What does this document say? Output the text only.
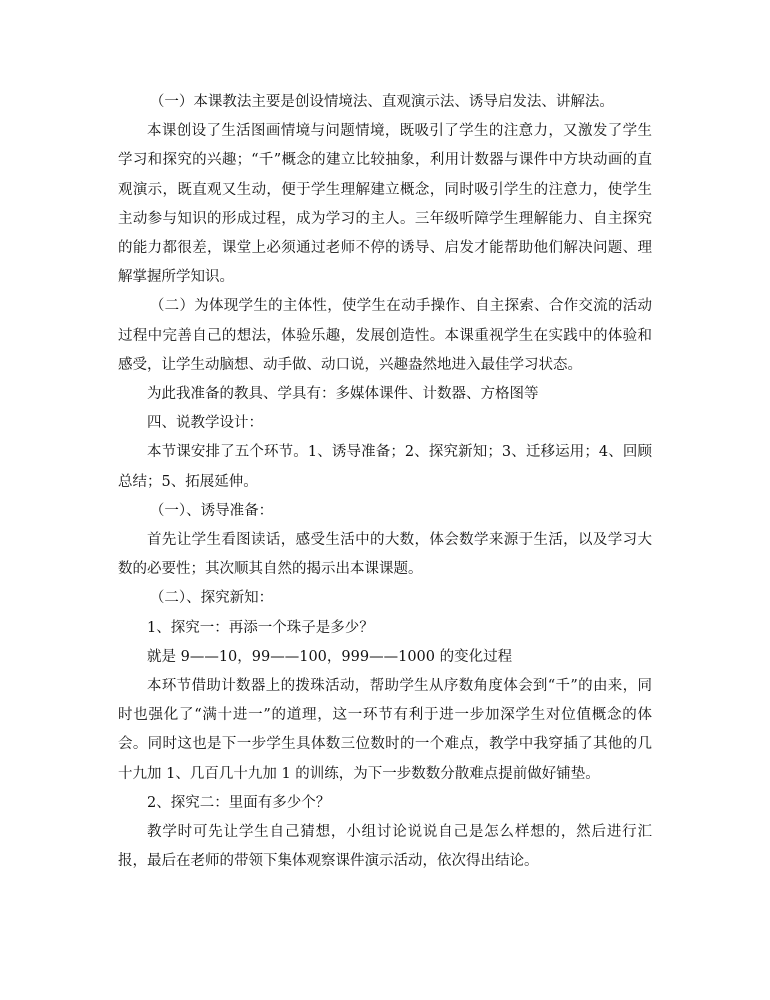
（一）本课教法主要是创设情境法、直观演示法、诱导启发法、讲解法。

本课创设了生活图画情境与问题情境，既吸引了学生的注意力，又激发了学生学习和探究的兴趣；“千”概念的建立比较抽象，利用计数器与课件中方块动画的直观演示，既直观又生动，便于学生理解建立概念，同时吸引学生的注意力，使学生主动参与知识的形成过程，成为学习的主人。三年级听障学生理解能力、自主探究的能力都很差，课堂上必须通过老师不停的诱导、启发才能帮助他们解决问题、理解掌握所学知识。

（二）为体现学生的主体性，使学生在动手操作、自主探索、合作交流的活动过程中完善自己的想法，体验乐趣，发展创造性。本课重视学生在实践中的体验和感受，让学生动脑想、动手做、动口说，兴趣盎然地进入最佳学习状态。

为此我准备的教具、学具有：多媒体课件、计数器、方格图等

四、说教学设计：

本节课安排了五个环节。1、诱导准备；2、探究新知；3、迁移运用；4、回顾总结；5、拓展延伸。

（一）、诱导准备：

首先让学生看图读话，感受生活中的大数，体会数学来源于生活，以及学习大数的必要性；其次顺其自然的揭示出本课课题。

（二）、探究新知：

1、探究一：再添一个珠子是多少？

就是 9——10，99——100，999——1000 的变化过程

本环节借助计数器上的拨珠活动，帮助学生从序数角度体会到“千”的由来，同时也强化了“满十进一”的道理，这一环节有利于进一步加深学生对位值概念的体会。同时这也是下一步学生具体数三位数时的一个难点，教学中我穿插了其他的几十九加 1、几百几十九加 1 的训练，为下一步数数分散难点提前做好铺垫。

2、探究二：里面有多少个？

教学时可先让学生自己猜想，小组讨论说说自己是怎么样想的，然后进行汇报，最后在老师的带领下集体观察课件演示活动，依次得出结论。
